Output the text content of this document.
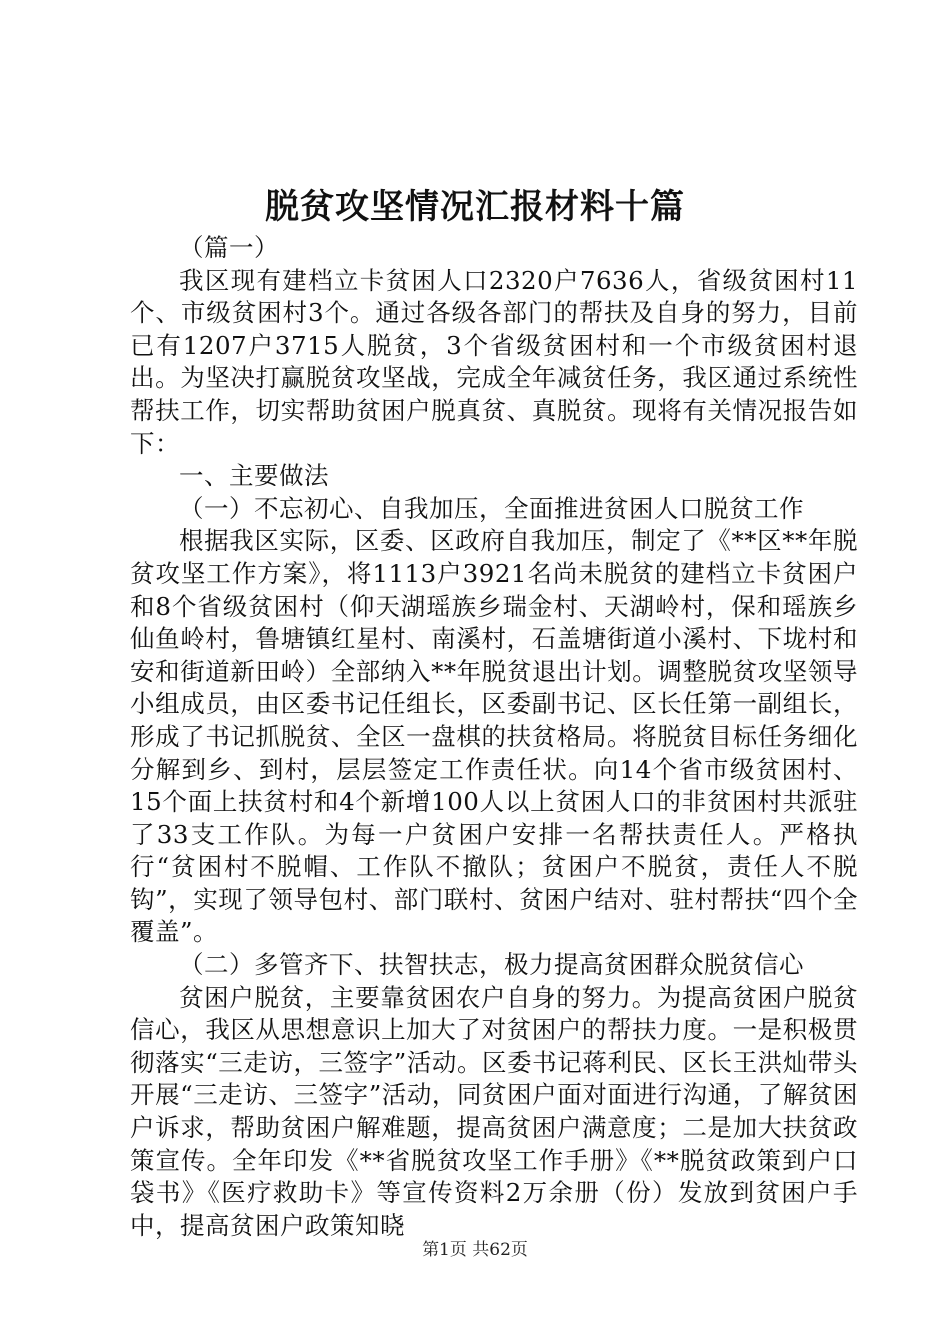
脱贫攻坚情况汇报材料十篇

（篇一）

我区现有建档立卡贫困人口2320户7636人，省级贫困村11个、市级贫困村3个。通过各级各部门的帮扶及自身的努力，目前已有1207户3715人脱贫，3个省级贫困村和一个市级贫困村退出。为坚决打赢脱贫攻坚战，完成全年减贫任务，我区通过系统性帮扶工作，切实帮助贫困户脱真贫、真脱贫。现将有关情况报告如下：

一、主要做法

（一）不忘初心、自我加压，全面推进贫困人口脱贫工作

根据我区实际，区委、区政府自我加压，制定了《**区**年脱贫攻坚工作方案》，将1113户3921名尚未脱贫的建档立卡贫困户和8个省级贫困村（仰天湖瑶族乡瑞金村、天湖岭村，保和瑶族乡仙鱼岭村，鲁塘镇红星村、南溪村，石盖塘街道小溪村、下垅村和安和街道新田岭）全部纳入**年脱贫退出计划。调整脱贫攻坚领导小组成员，由区委书记任组长，区委副书记、区长任第一副组长，形成了书记抓脱贫、全区一盘棋的扶贫格局。将脱贫目标任务细化分解到乡、到村，层层签定工作责任状。向14个省市级贫困村、15个面上扶贫村和4个新增100人以上贫困人口的非贫困村共派驻了33支工作队。为每一户贫困户安排一名帮扶责任人。严格执行“贫困村不脱帽、工作队不撤队；贫困户不脱贫，责任人不脱钩”，实现了领导包村、部门联村、贫困户结对、驻村帮扶“四个全覆盖”。

（二）多管齐下、扶智扶志，极力提高贫困群众脱贫信心

贫困户脱贫，主要靠贫困农户自身的努力。为提高贫困户脱贫信心，我区从思想意识上加大了对贫困户的帮扶力度。一是积极贯彻落实“三走访，三签字”活动。区委书记蒋利民、区长王洪灿带头开展“三走访、三签字”活动，同贫困户面对面进行沟通，了解贫困户诉求，帮助贫困户解难题，提高贫困户满意度；二是加大扶贫政策宣传。全年印发《**省脱贫攻坚工作手册》《**脱贫政策到户口袋书》《医疗救助卡》等宣传资料2万余册（份）发放到贫困户手中，提高贫困户政策知晓

第1页 共62页
